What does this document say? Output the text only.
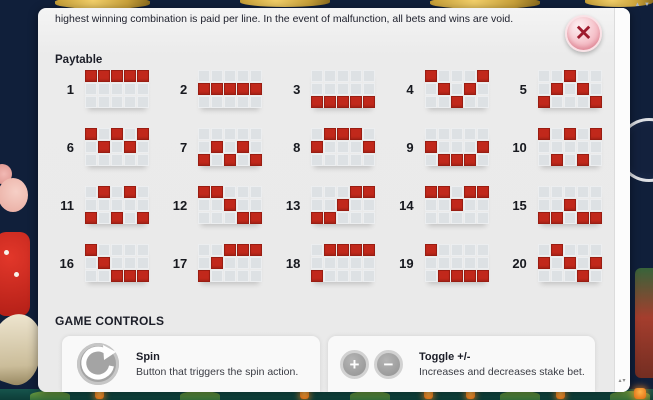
▲ ▼
highest winning combination is paid per line. In the event of malfunction, all bets and wins are void.
✕
Paytable
1	2	3	4	5
6	7	8	9	10
11	12	13	14	15
16	17	18	19	20
GAME CONTROLS
Spin
Button that triggers the spin action.	+ − Toggle +/-
Increases and decreases stake bet.
▴▾
